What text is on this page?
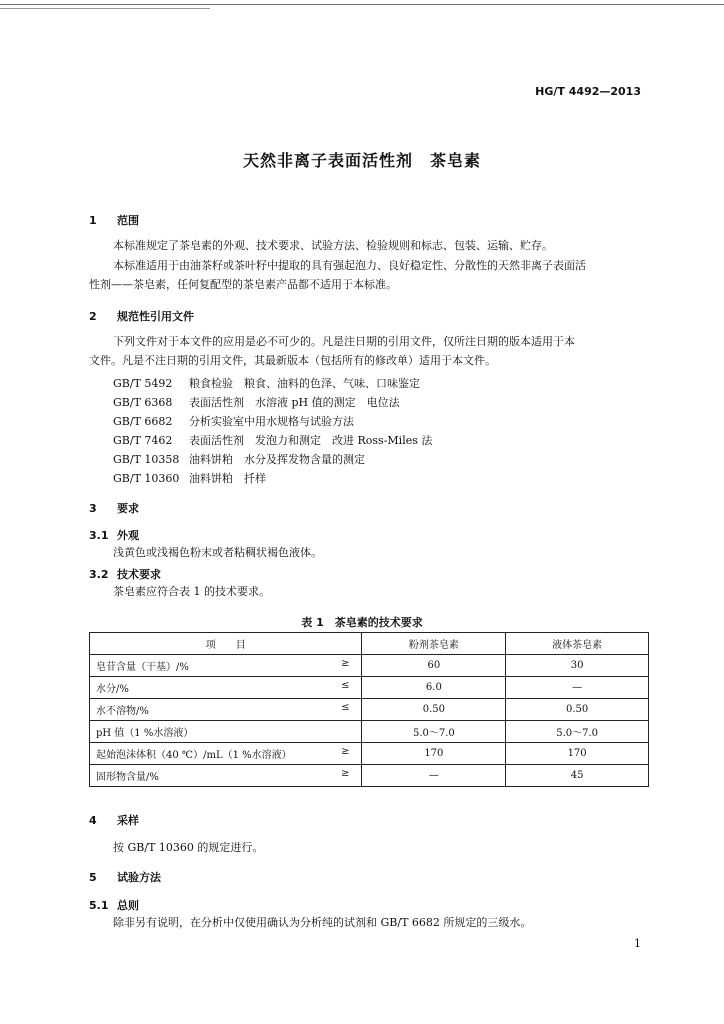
HG/T 4492—2013
天然非离子表面活性剂　茶皂素
1 范围
本标准规定了茶皂素的外观、技术要求、试验方法、检验规则和标志、包装、运输、贮存。
本标准适用于由油茶籽或茶叶籽中提取的具有强起泡力、良好稳定性、分散性的天然非离子表面活
性剂——茶皂素，任何复配型的茶皂素产品都不适用于本标准。
2 规范性引用文件
下列文件对于本文件的应用是必不可少的。凡是注日期的引用文件，仅所注日期的版本适用于本
文件。凡是不注日期的引用文件，其最新版本（包括所有的修改单）适用于本文件。
GB/T 5492 粮食检验　粮食、油料的色泽、气味、口味鉴定
GB/T 6368 表面活性剂　水溶液 pH 值的测定　电位法
GB/T 6682 分析实验室中用水规格与试验方法
GB/T 7462 表面活性剂　发泡力和测定　改进 Ross-Miles 法
GB/T 10358 油料饼粕　水分及挥发物含量的测定
GB/T 10360 油料饼粕　扦样
3 要求
3.1 外观
浅黄色或浅褐色粉末或者粘稠状褐色液体。
3.2 技术要求
茶皂素应符合表 1 的技术要求。
表 1　茶皂素的技术要求
项　　目	粉剂茶皂素	液体茶皂素
皂苷含量（干基）/% ≥	60	30
水分/% ≤	6.0	—
水不溶物/% ≤	0.50	0.50
pH 值（1 %水溶液）	5.0～7.0	5.0～7.0
起始泡沫体积（40 ℃）/mL（1 %水溶液） ≥	170	170
固形物含量/% ≥	—	45
4 采样
按 GB/T 10360 的规定进行。
5 试验方法
5.1 总则
除非另有说明，在分析中仅使用确认为分析纯的试剂和 GB/T 6682 所规定的三级水。
1
